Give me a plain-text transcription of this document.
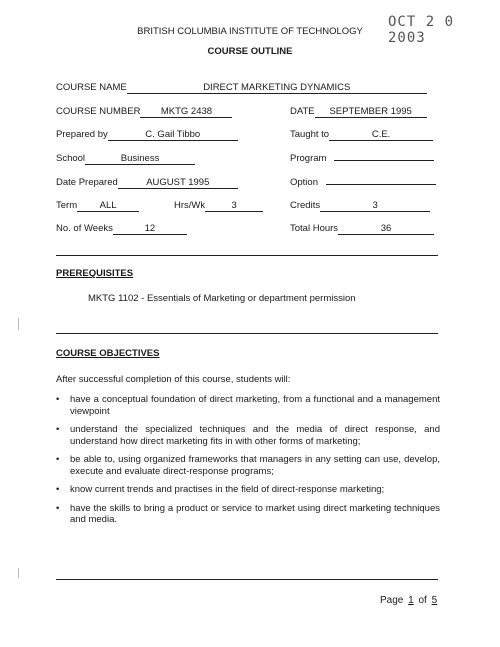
OCT 2 0 2003
BRITISH COLUMBIA INSTITUTE OF TECHNOLOGY
COURSE OUTLINE
COURSE NAME	DIRECT MARKETING DYNAMICS
COURSE NUMBER MKTG 2438	DATE SEPTEMBER 1995
Prepared by	C. Gail Tibbo	Taught to	C.E.
School	Business	Program
Date Prepared	AUGUST 1995	Option
Term ALL	Hrs/Wk	3	Credits	3
No. of Weeks	12	Total Hours	36
PREREQUISITES
MKTG 1102 - Essentials of Marketing or department permission
COURSE OBJECTIVES
After successful completion of this course, students will:
• have a conceptual foundation of direct marketing, from a functional and a management viewpoint
• understand the specialized techniques and the media of direct response, and understand how direct marketing fits in with other forms of marketing;
• be able to, using organized frameworks that managers in any setting can use, develop, execute and evaluate direct-response programs;
• know current trends and practises in the field of direct-response marketing;
• have the skills to bring a product or service to market using direct marketing techniques and media.
Page 1 of 5
